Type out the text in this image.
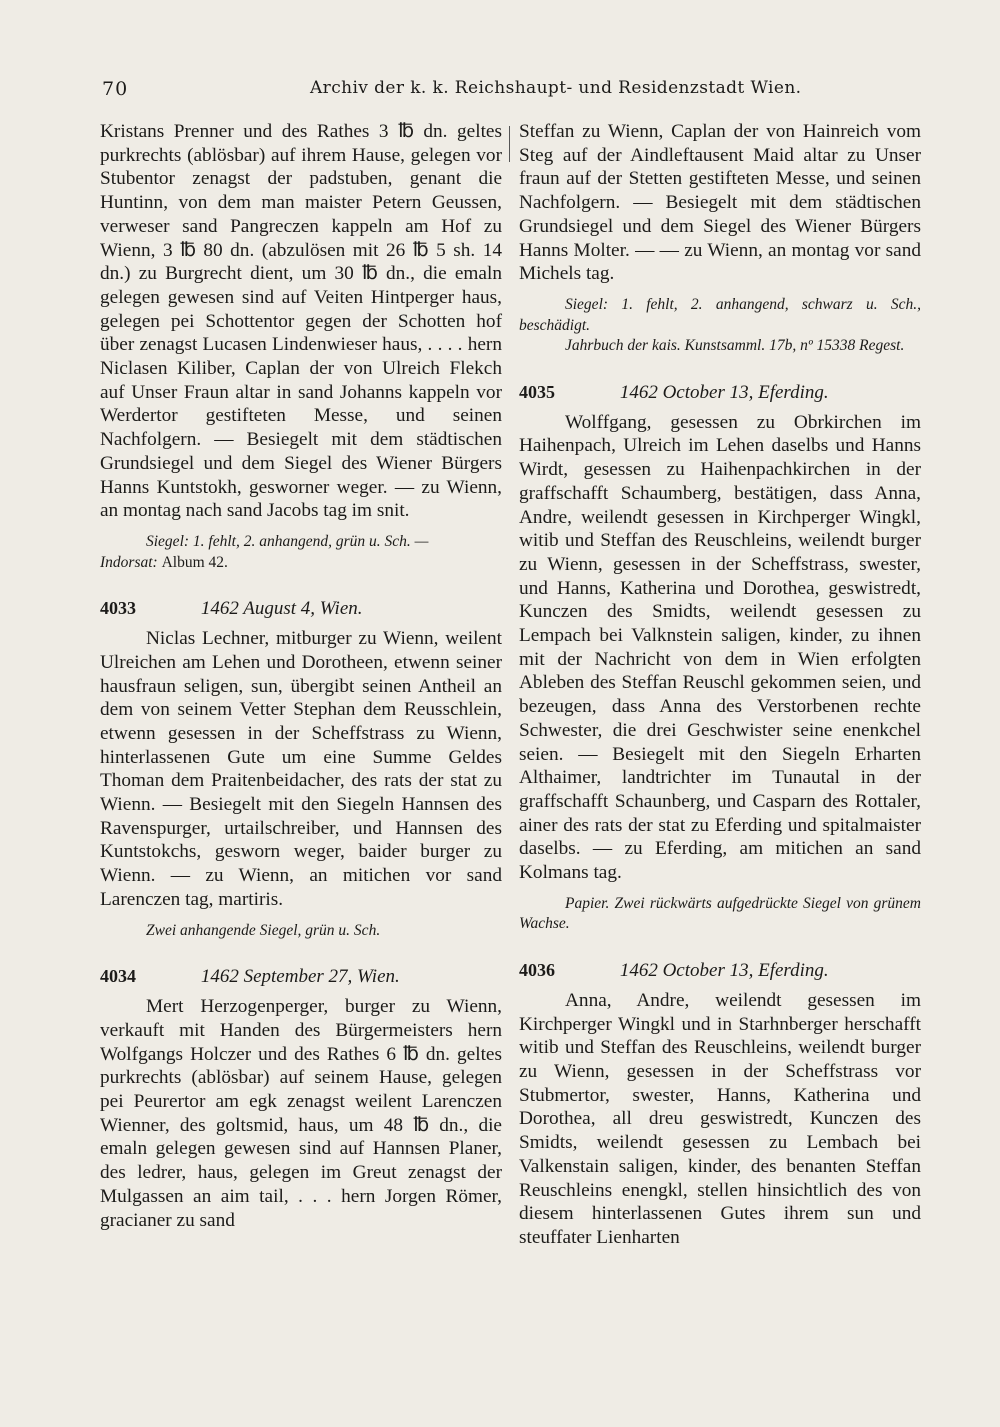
70	Archiv der k. k. Reichshaupt- und Residenzstadt Wien.

Kristans Prenner und des Rathes 3 ℔ dn. geltes purkrechts (ablösbar) auf ihrem Hause, gelegen vor Stubentor zenagst der padstuben, genant die Huntinn, von dem man maister Petern Geussen, verweser sand Pangreczen kappeln am Hof zu Wienn, 3 ℔ 80 dn. (abzulösen mit 26 ℔ 5 sh. 14 dn.) zu Burgrecht dient, um 30 ℔ dn., die emaln gelegen gewesen sind auf Veiten Hintperger haus, gelegen pei Schottentor gegen der Schotten hof über zenagst Lucasen Lindenwieser haus, . . . . hern Niclasen Kiliber, Caplan der von Ulreich Flekch auf Unser Fraun altar in sand Johanns kappeln vor Werdertor gestifteten Messe, und seinen Nachfolgern. — Besiegelt mit dem städtischen Grundsiegel und dem Siegel des Wiener Bürgers Hanns Kuntstokh, gesworner weger. — zu Wienn, an montag nach sand Jacobs tag im snit.

Siegel: 1. fehlt, 2. anhangend, grün u. Sch. —

Indorsat: Album 42.

4033	1462 August 4, Wien.

Niclas Lechner, mitburger zu Wienn, weilent Ulreichen am Lehen und Dorotheen, etwenn seiner hausfraun seligen, sun, übergibt seinen Antheil an dem von seinem Vetter Stephan dem Reusschlein, etwenn gesessen in der Scheffstrass zu Wienn, hinterlassenen Gute um eine Summe Geldes Thoman dem Praitenbeidacher, des rats der stat zu Wienn. — Besiegelt mit den Siegeln Hannsen des Ravenspurger, urtailschreiber, und Hannsen des Kuntstokchs, gesworn weger, baider burger zu Wienn. — zu Wienn, an mitichen vor sand Larenczen tag, martiris.

Zwei anhangende Siegel, grün u. Sch.

4034	1462 September 27, Wien.

Mert Herzogenperger, burger zu Wienn, verkauft mit Handen des Bürgermeisters hern Wolfgangs Holczer und des Rathes 6 ℔ dn. geltes purkrechts (ablösbar) auf seinem Hause, gelegen pei Peurertor am egk zenagst weilent Larenczen Wienner, des goltsmid, haus, um 48 ℔ dn., die emaln gelegen gewesen sind auf Hannsen Planer, des ledrer, haus, gelegen im Greut zenagst der Mulgassen an aim tail, . . . hern Jorgen Römer, gracianer zu sand

Steffan zu Wienn, Caplan der von Hainreich vom Steg auf der Aindleftausent Maid altar zu Unser fraun auf der Stetten gestifteten Messe, und seinen Nachfolgern. — Besiegelt mit dem städtischen Grundsiegel und dem Siegel des Wiener Bürgers Hanns Molter. — — zu Wienn, an montag vor sand Michels tag.

Siegel: 1. fehlt, 2. anhangend, schwarz u. Sch., beschädigt.

Jahrbuch der kais. Kunstsamml. 17b, nº 15338 Regest.

4035	1462 October 13, Eferding.

Wolffgang, gesessen zu Obrkirchen im Haihenpach, Ulreich im Lehen daselbs und Hanns Wirdt, gesessen zu Haihenpachkirchen in der graffschafft Schaumberg, bestätigen, dass Anna, Andre, weilendt gesessen in Kirchperger Wingkl, witib und Steffan des Reuschleins, weilendt burger zu Wienn, gesessen in der Scheffstrass, swester, und Hanns, Katherina und Dorothea, geswistredt, Kunczen des Smidts, weilendt gesessen zu Lempach bei Valknstein saligen, kinder, zu ihnen mit der Nachricht von dem in Wien erfolgten Ableben des Steffan Reuschl gekommen seien, und bezeugen, dass Anna des Verstorbenen rechte Schwester, die drei Geschwister seine enenkchel seien. — Besiegelt mit den Siegeln Erharten Althaimer, landtrichter im Tunautal in der graffschafft Schaunberg, und Casparn des Rottaler, ainer des rats der stat zu Eferding und spitalmaister daselbs. — zu Eferding, am mitichen an sand Kolmans tag.

Papier. Zwei rückwärts aufgedrückte Siegel von grünem Wachse.

4036	1462 October 13, Eferding.

Anna, Andre, weilendt gesessen im Kirchperger Wingkl und in Starhnberger herschafft witib und Steffan des Reuschleins, weilendt burger zu Wienn, gesessen in der Scheffstrass vor Stubmertor, swester, Hanns, Katherina und Dorothea, all dreu geswistredt, Kunczen des Smidts, weilendt gesessen zu Lembach bei Valkenstain saligen, kinder, des benanten Steffan Reuschleins enengkl, stellen hinsichtlich des von diesem hinterlassenen Gutes ihrem sun und steuffater Lienharten
